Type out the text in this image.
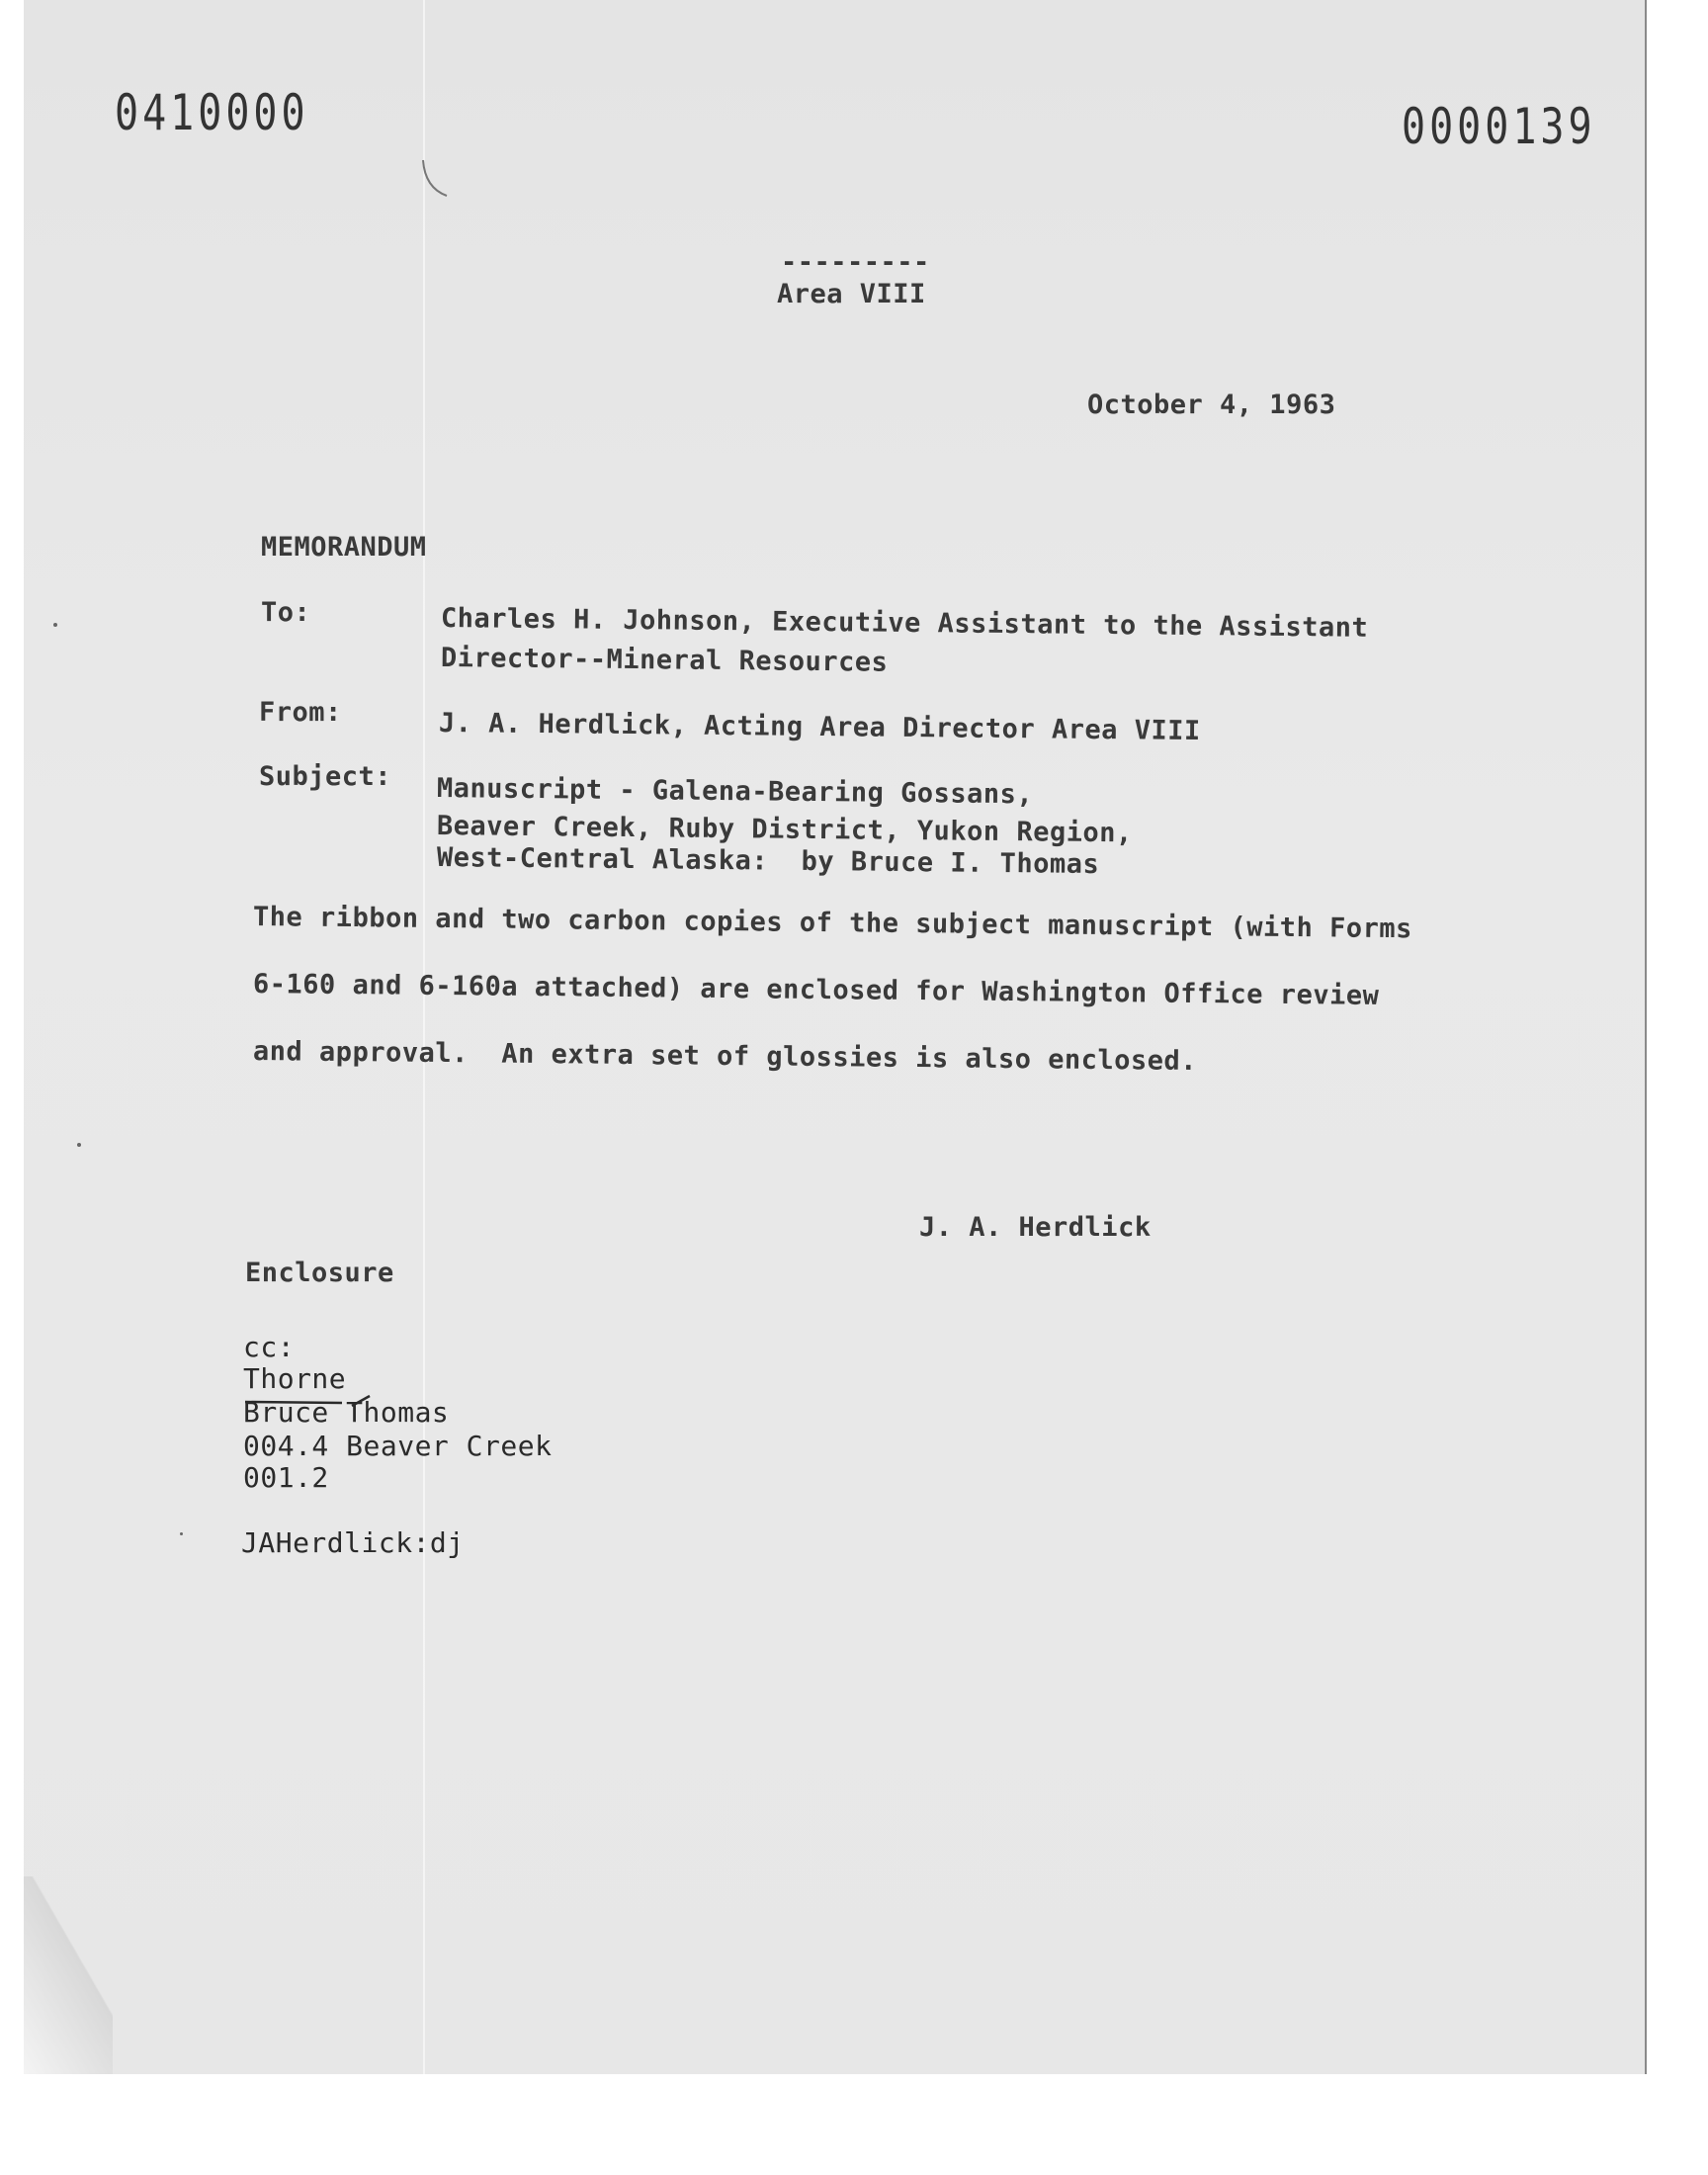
0410000	0000139
---------
Area VIII
October 4, 1963
MEMORANDUM
To:	Charles H. Johnson, Executive Assistant to the Assistant
Director--Mineral Resources
From:	J. A. Herdlick, Acting Area Director Area VIII
Subject: Manuscript - Galena-Bearing Gossans,
Beaver Creek, Ruby District, Yukon Region,
West-Central Alaska:  by Bruce I. Thomas
The ribbon and two carbon copies of the subject manuscript (with Forms
6-160 and 6-160a attached) are enclosed for Washington Office review
and approval.  An extra set of glossies is also enclosed.
J. A. Herdlick
Enclosure
cc:
Thorne
Bruce Thomas
004.4 Beaver Creek
001.2
JAHerdlick:dj
